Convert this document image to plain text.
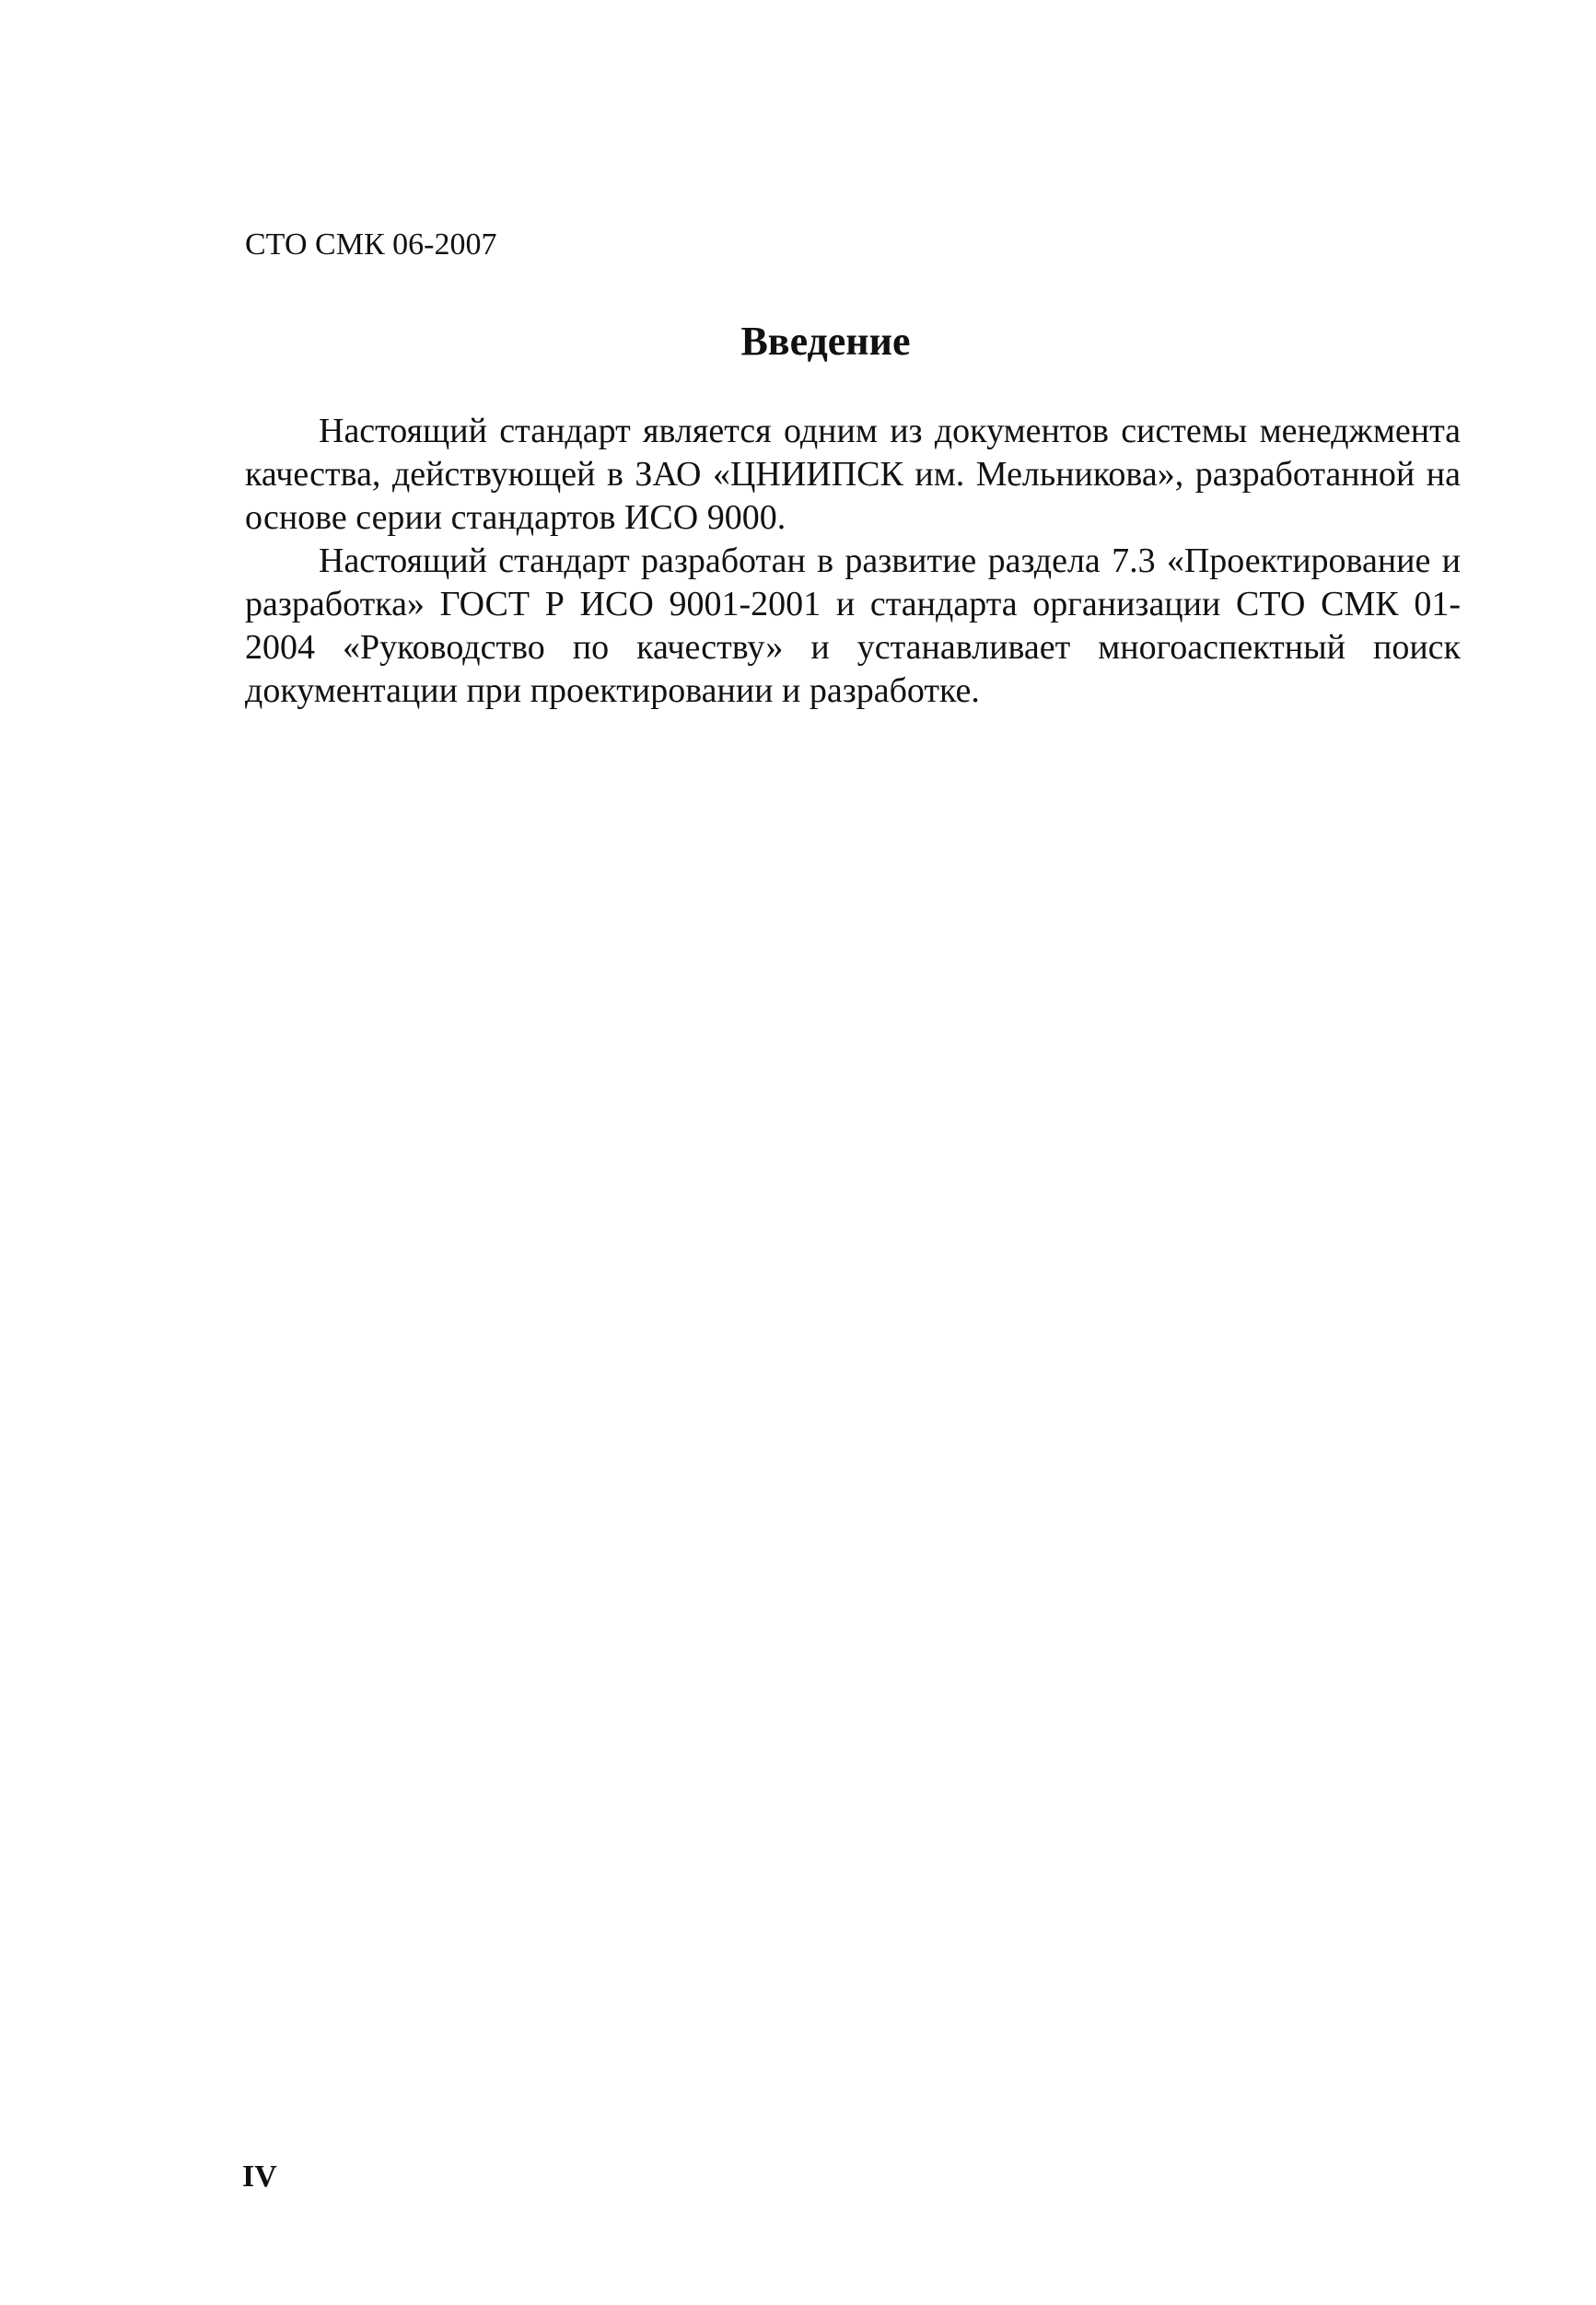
СТО СМК 06-2007
Введение

Настоящий стандарт является одним из документов системы менеджмента качества, действующей в ЗАО «ЦНИИПСК им. Мельникова», разработанной на основе серии стандартов ИСО 9000.

Настоящий стандарт разработан в развитие раздела 7.3 «Проектирование и разработка» ГОСТ Р ИСО 9001-2001 и стандарта организации СТО СМК 01-2004 «Руководство по качеству» и устанавливает многоаспектный поиск документации при проектировании и разработке.

IV
